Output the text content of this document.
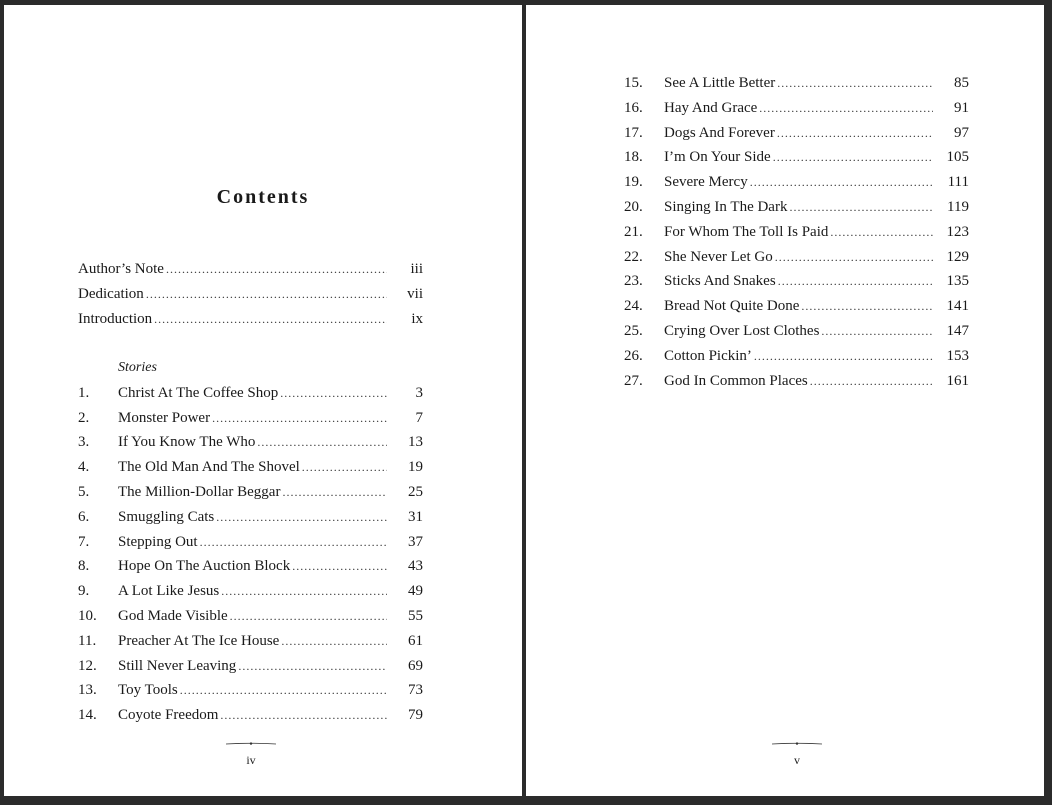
Contents
Author’s Note .....	iii
Dedication .....	vii
Introduction .....	ix
Stories
1.	Christ At The Coffee Shop .....	3
2.	Monster Power .....	7
3.	If You Know The Who .....	13
4.	The Old Man And The Shovel .....	19
5.	The Million-Dollar Beggar .....	25
6.	Smuggling Cats .....	31
7.	Stepping Out .....	37
8.	Hope On The Auction Block .....	43
9.	A Lot Like Jesus .....	49
10.	God Made Visible .....	55
11.	Preacher At The Ice House .....	61
12.	Still Never Leaving .....	69
13.	Toy Tools .....	73
14.	Coyote Freedom .....	79
iv
15.	See A Little Better .....	85
16.	Hay And Grace .....	91
17.	Dogs And Forever .....	97
18.	I’m On Your Side .....	105
19.	Severe Mercy .....	111
20.	Singing In The Dark .....	119
21.	For Whom The Toll Is Paid .....	123
22.	She Never Let Go .....	129
23.	Sticks And Snakes .....	135
24.	Bread Not Quite Done .....	141
25.	Crying Over Lost Clothes .....	147
26.	Cotton Pickin’ .....	153
27.	God In Common Places .....	161
v
